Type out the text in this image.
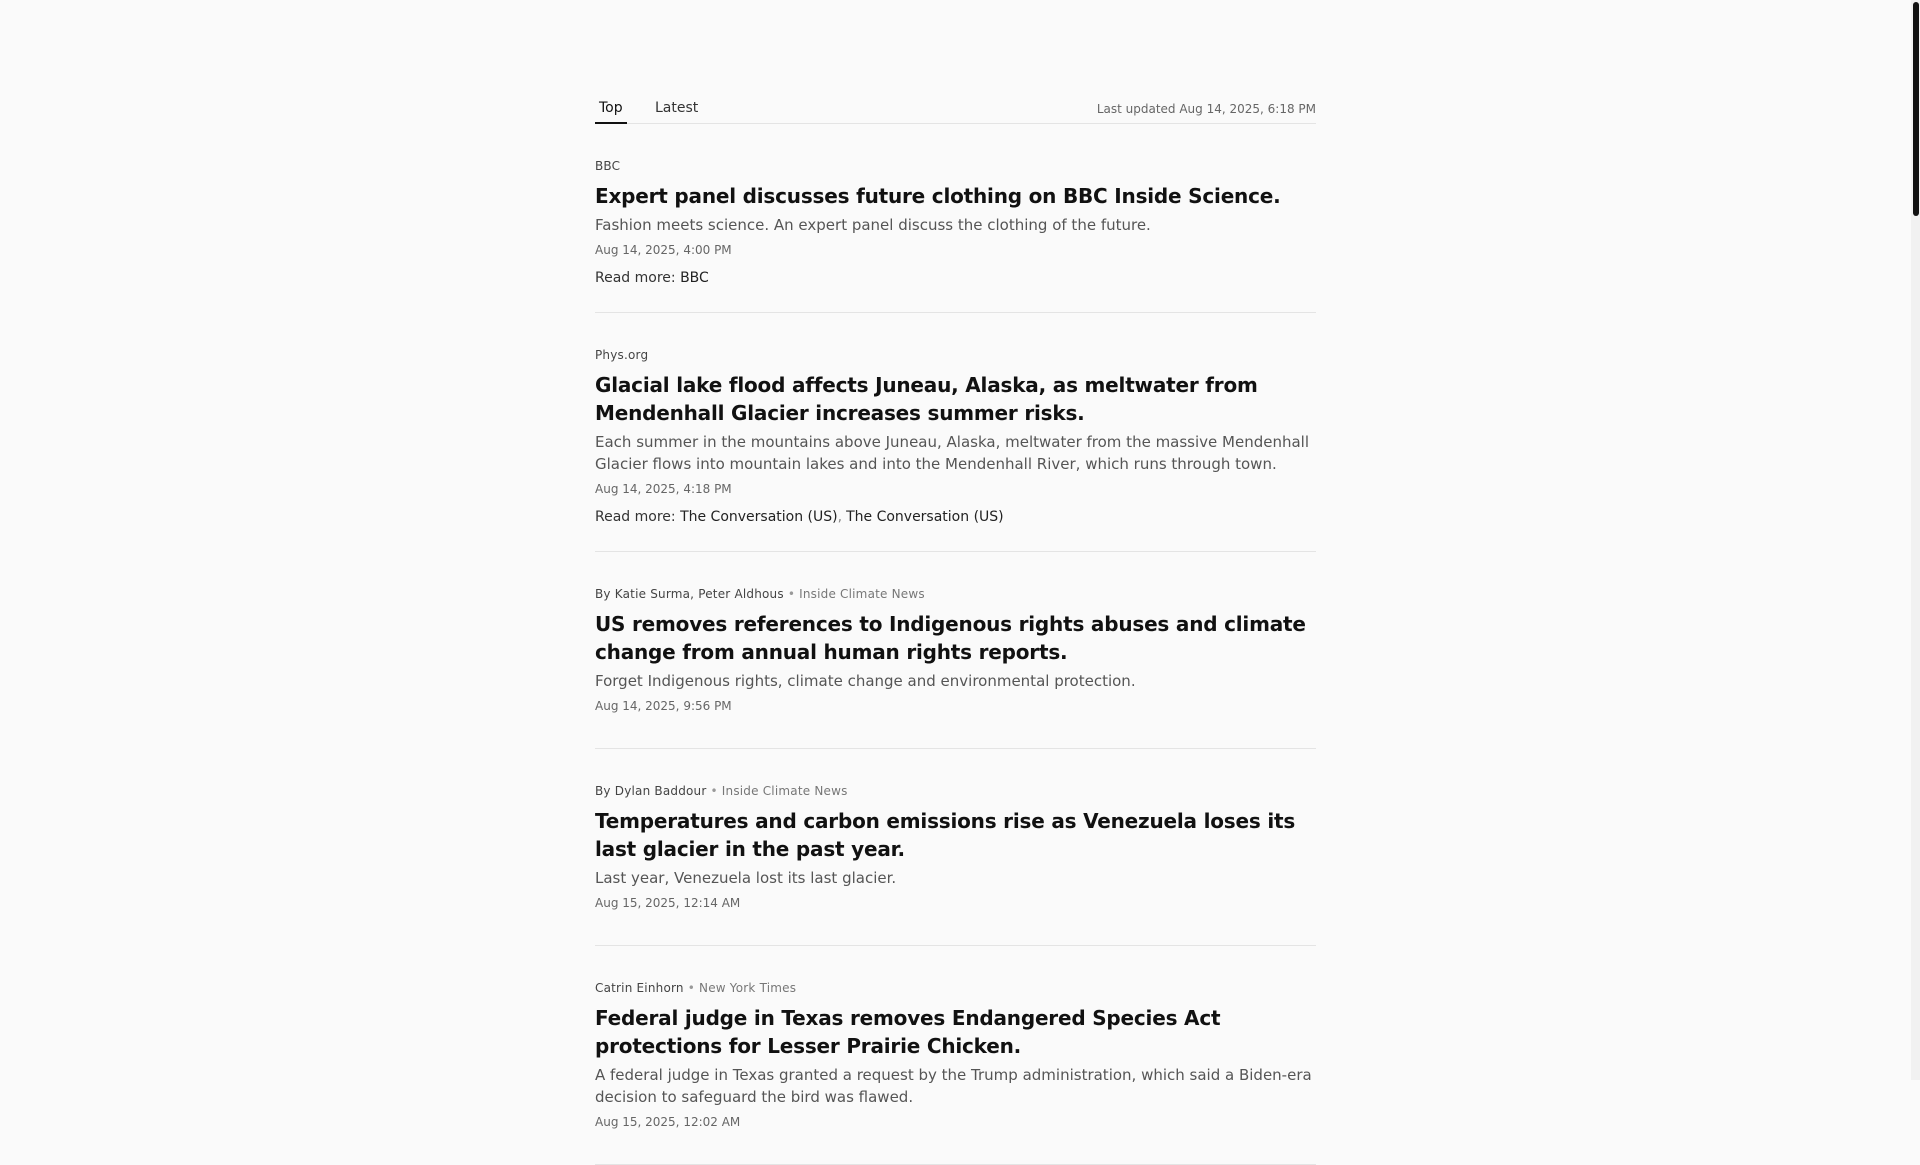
Top Latest	Last updated Aug 14, 2025, 6:18 PM
BBC
Expert panel discusses future clothing on BBC Inside Science.
Fashion meets science. An expert panel discuss the clothing of the future.
Aug 14, 2025, 4:00 PM
Read more: BBC
Phys.org
Glacial lake flood affects Juneau, Alaska, as meltwater from Mendenhall Glacier increases summer risks.
Each summer in the mountains above Juneau, Alaska, meltwater from the massive Mendenhall Glacier flows into mountain lakes and into the Mendenhall River, which runs through town.
Aug 14, 2025, 4:18 PM
Read more: The Conversation (US), The Conversation (US)
By Katie Surma, Peter Aldhous • Inside Climate News
US removes references to Indigenous rights abuses and climate change from annual human rights reports.
Forget Indigenous rights, climate change and environmental protection.
Aug 14, 2025, 9:56 PM
By Dylan Baddour • Inside Climate News
Temperatures and carbon emissions rise as Venezuela loses its last glacier in the past year.
Last year, Venezuela lost its last glacier.
Aug 15, 2025, 12:14 AM
Catrin Einhorn • New York Times
Federal judge in Texas removes Endangered Species Act protections for Lesser Prairie Chicken.
A federal judge in Texas granted a request by the Trump administration, which said a Biden-era decision to safeguard the bird was flawed.
Aug 15, 2025, 12:02 AM
